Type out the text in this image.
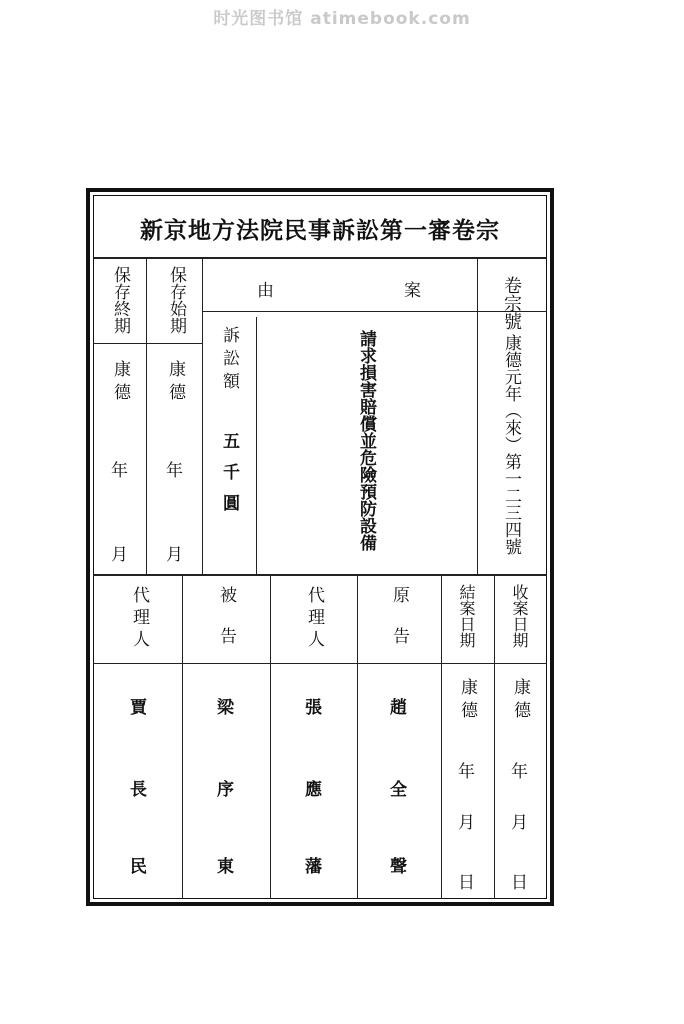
时光图书馆 atimebook.com
新京地方法院民事訴訟第一審卷宗
卷宗號
康德元年（來）第一二三四號
案
由
請求損害賠償並危險預防設備
訴訟額
五千圓
保存始期
康德
年
月
保存終期
康德
年
月
收案日期
康德
年
月
日
結案日期
康德
年
月
日
原告
趙
全
聲
代理人
張
應
藩
被告
梁
序
東
代理人
賈
長
民
